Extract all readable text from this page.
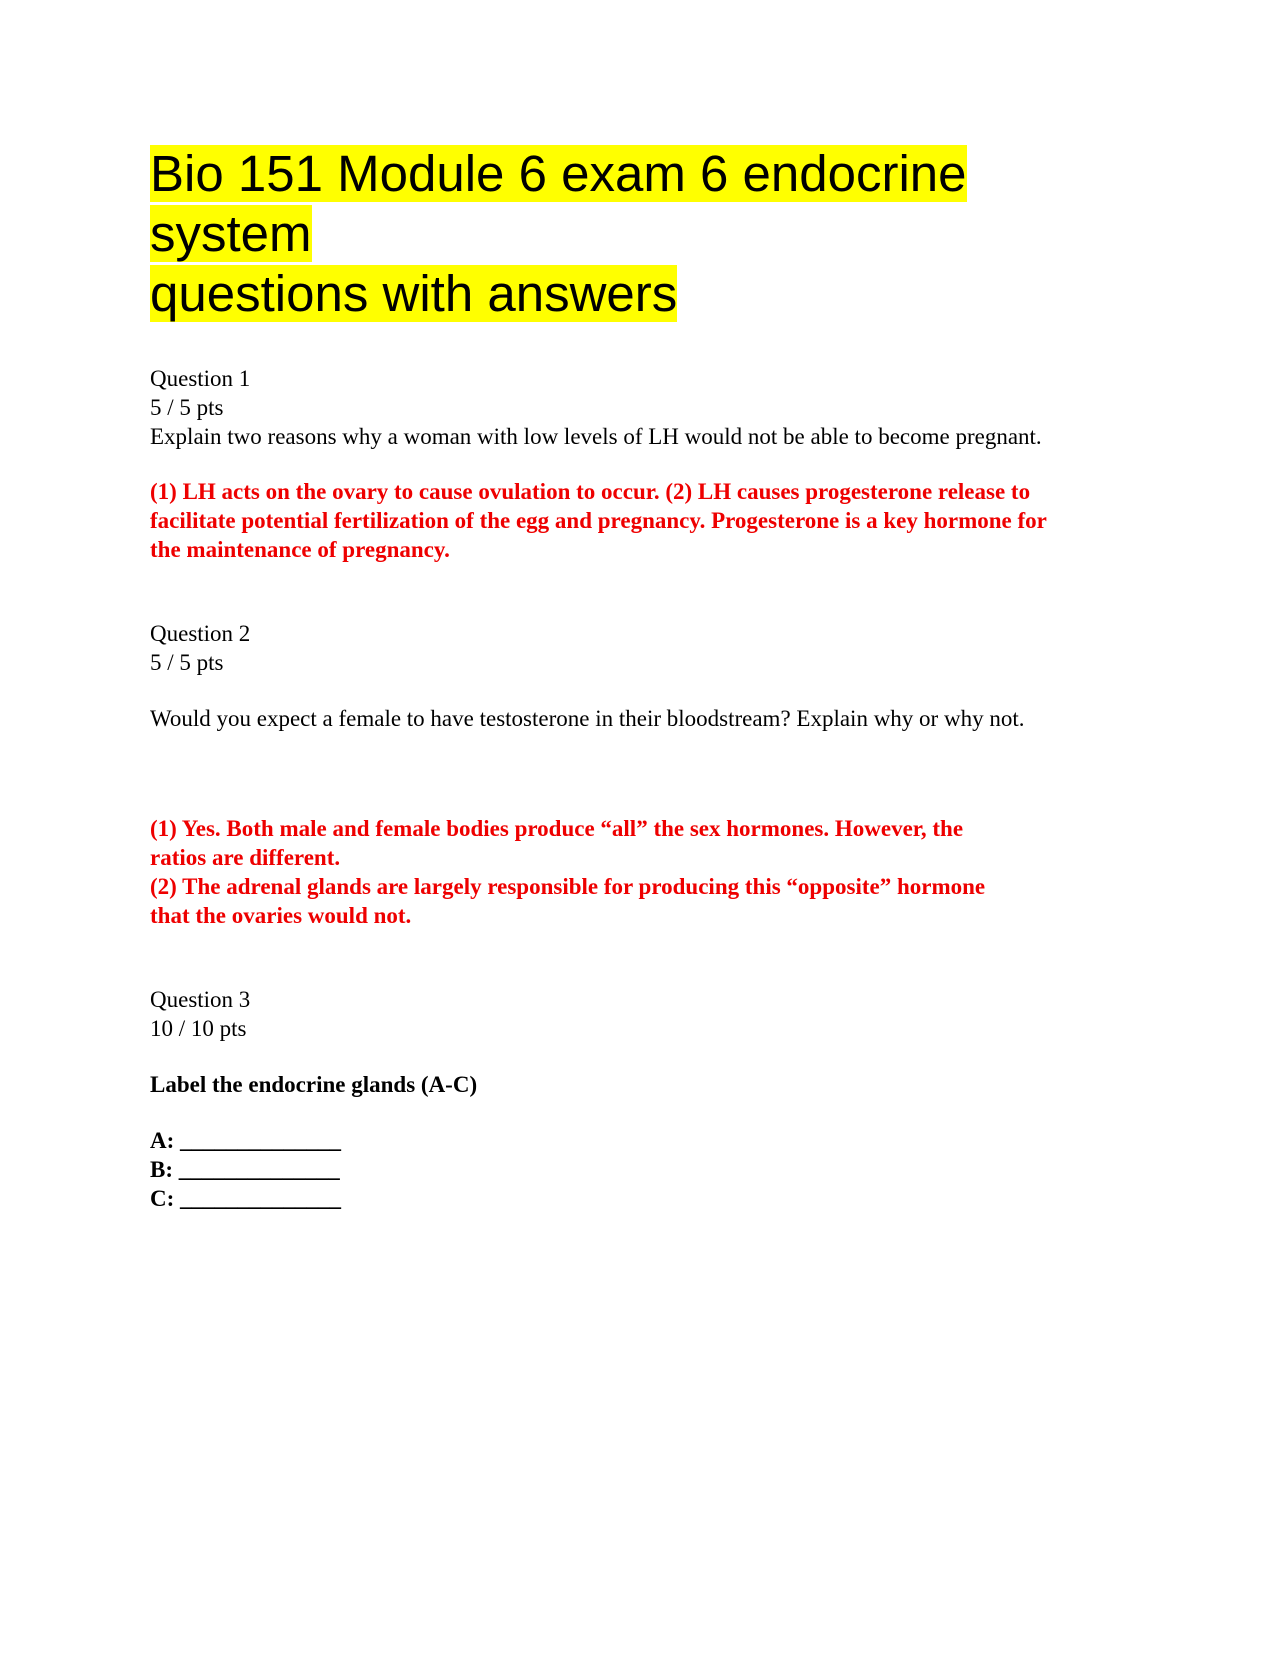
Bio 151 Module 6 exam 6 endocrine system
questions with answers

Question 1

5 / 5 pts

Explain two reasons why a woman with low levels of LH would not be able to become pregnant.

(1) LH acts on the ovary to cause ovulation to occur. (2) LH causes progesterone release to

facilitate potential fertilization of the egg and pregnancy. Progesterone is a key hormone for

the maintenance of pregnancy.

Question 2

5 / 5 pts

Would you expect a female to have testosterone in their bloodstream? Explain why or why not.

(1) Yes. Both male and female bodies produce “all” the sex hormones. However, the

ratios are different.

(2) The adrenal glands are largely responsible for producing this “opposite” hormone

that the ovaries would not.

Question 3

10 / 10 pts

Label the endocrine glands (A-C)

A: ______________

B: ______________

C: ______________
